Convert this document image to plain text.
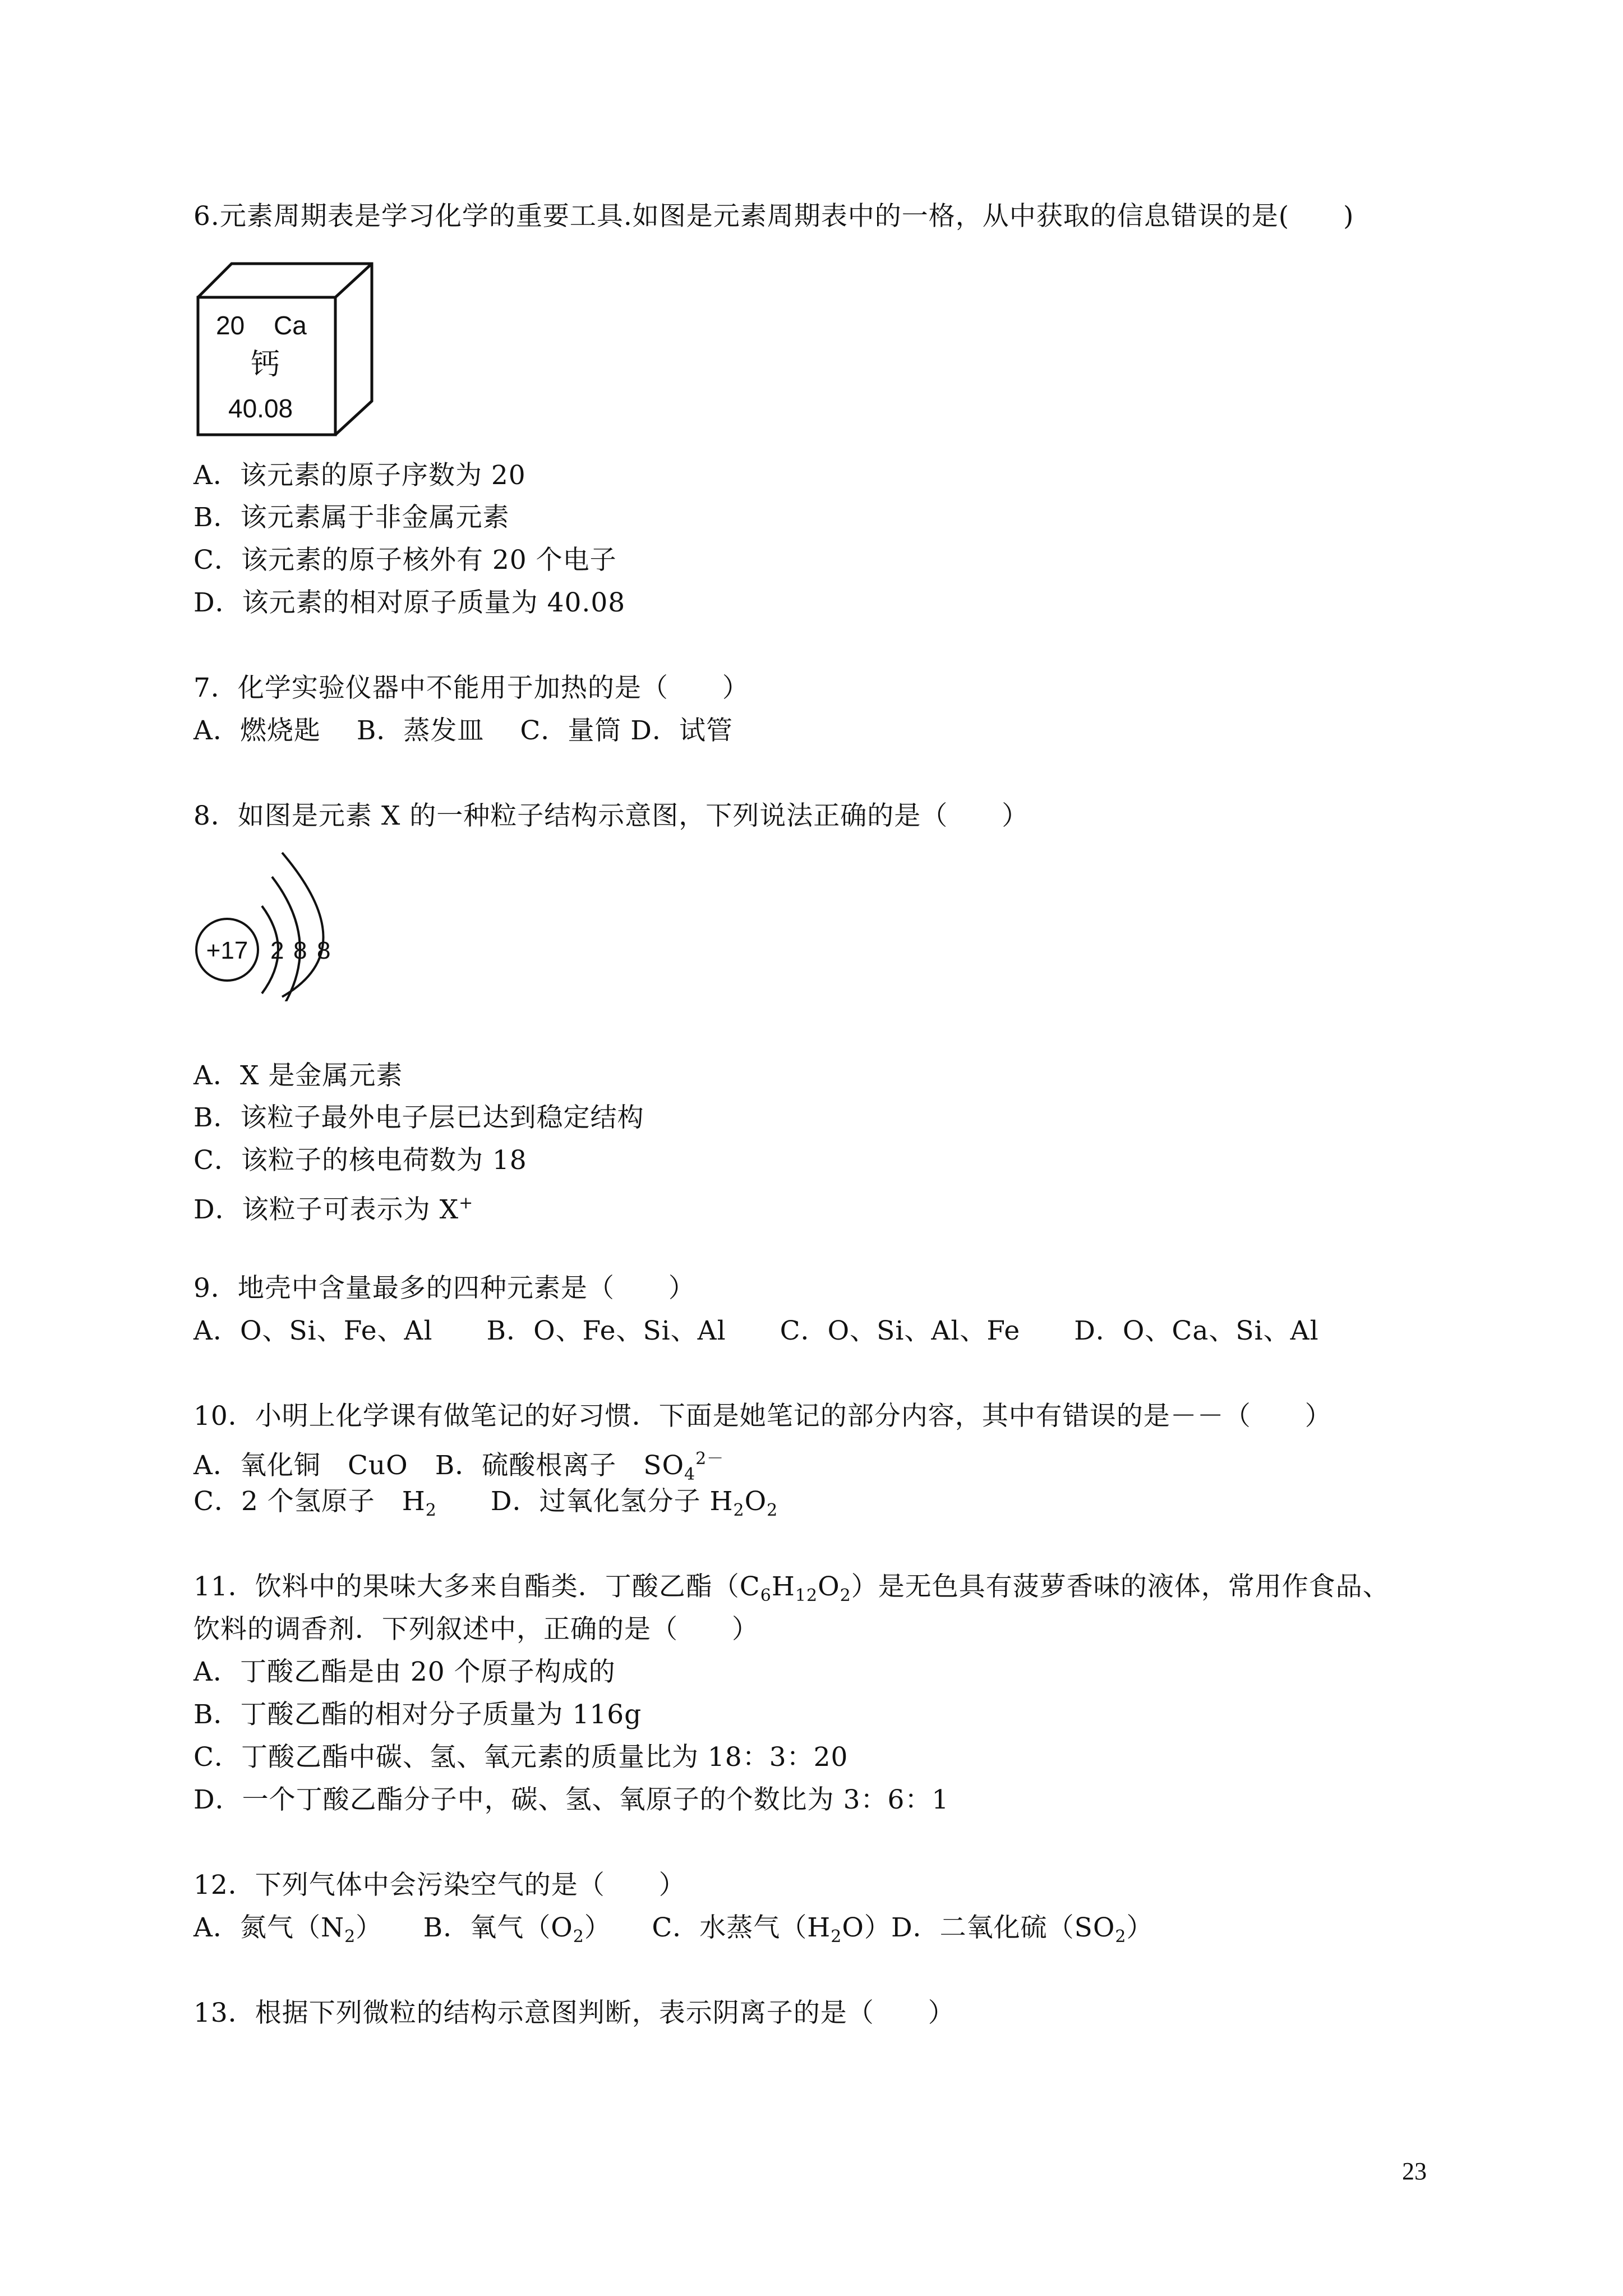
6.元素周期表是学习化学的重要工具.如图是元素周期表中的一格，从中获取的信息错误的是(　　)
20 Ca
钙
40.08
A．该元素的原子序数为 20
B．该元素属于非金属元素
C．该元素的原子核外有 20 个电子
D．该元素的相对原子质量为 40.08
7．化学实验仪器中不能用于加热的是（　　）
A．燃烧匙　 B．蒸发皿　 C．量筒 D．试管
8．如图是元素 X 的一种粒子结构示意图，下列说法正确的是（　　）
+17 2 8 8
A．X 是金属元素
B．该粒子最外电子层已达到稳定结构
C．该粒子的核电荷数为 18
D．该粒子可表示为 X+
9．地壳中含量最多的四种元素是（　　）
A．O、Si、Fe、Al　　B．O、Fe、Si、Al　　C．O、Si、Al、Fe　　D．O、Ca、Si、Al
10．小明上化学课有做笔记的好习惯．下面是她笔记的部分内容，其中有错误的是－－（　　）
A．氧化铜　CuO　B．硫酸根离子　$SO_4^{2-}$
C．2 个氢原子　$H_2$　　D．过氧化氢分子 $H_2O_2$
11．饮料中的果味大多来自酯类．丁酸乙酯$(C_6H_{12}O_2)$是无色具有菠萝香味的液体，常用作食品、
饮料的调香剂．下列叙述中，正确的是（　　）
A．丁酸乙酯是由 20 个原子构成的
B．丁酸乙酯的相对分子质量为 116g
C．丁酸乙酯中碳、氢、氧元素的质量比为 18：3：20
D．一个丁酸乙酯分子中，碳、氢、氧原子的个数比为 3：6：1
12．下列气体中会污染空气的是（　　）
A．氮气$(N_2)$　　B．氧气$(O_2)$　　C．水蒸气$(H_2O)D$．二氧化硫$(SO_2)$
13．根据下列微粒的结构示意图判断，表示阴离子的是（　　）
23
